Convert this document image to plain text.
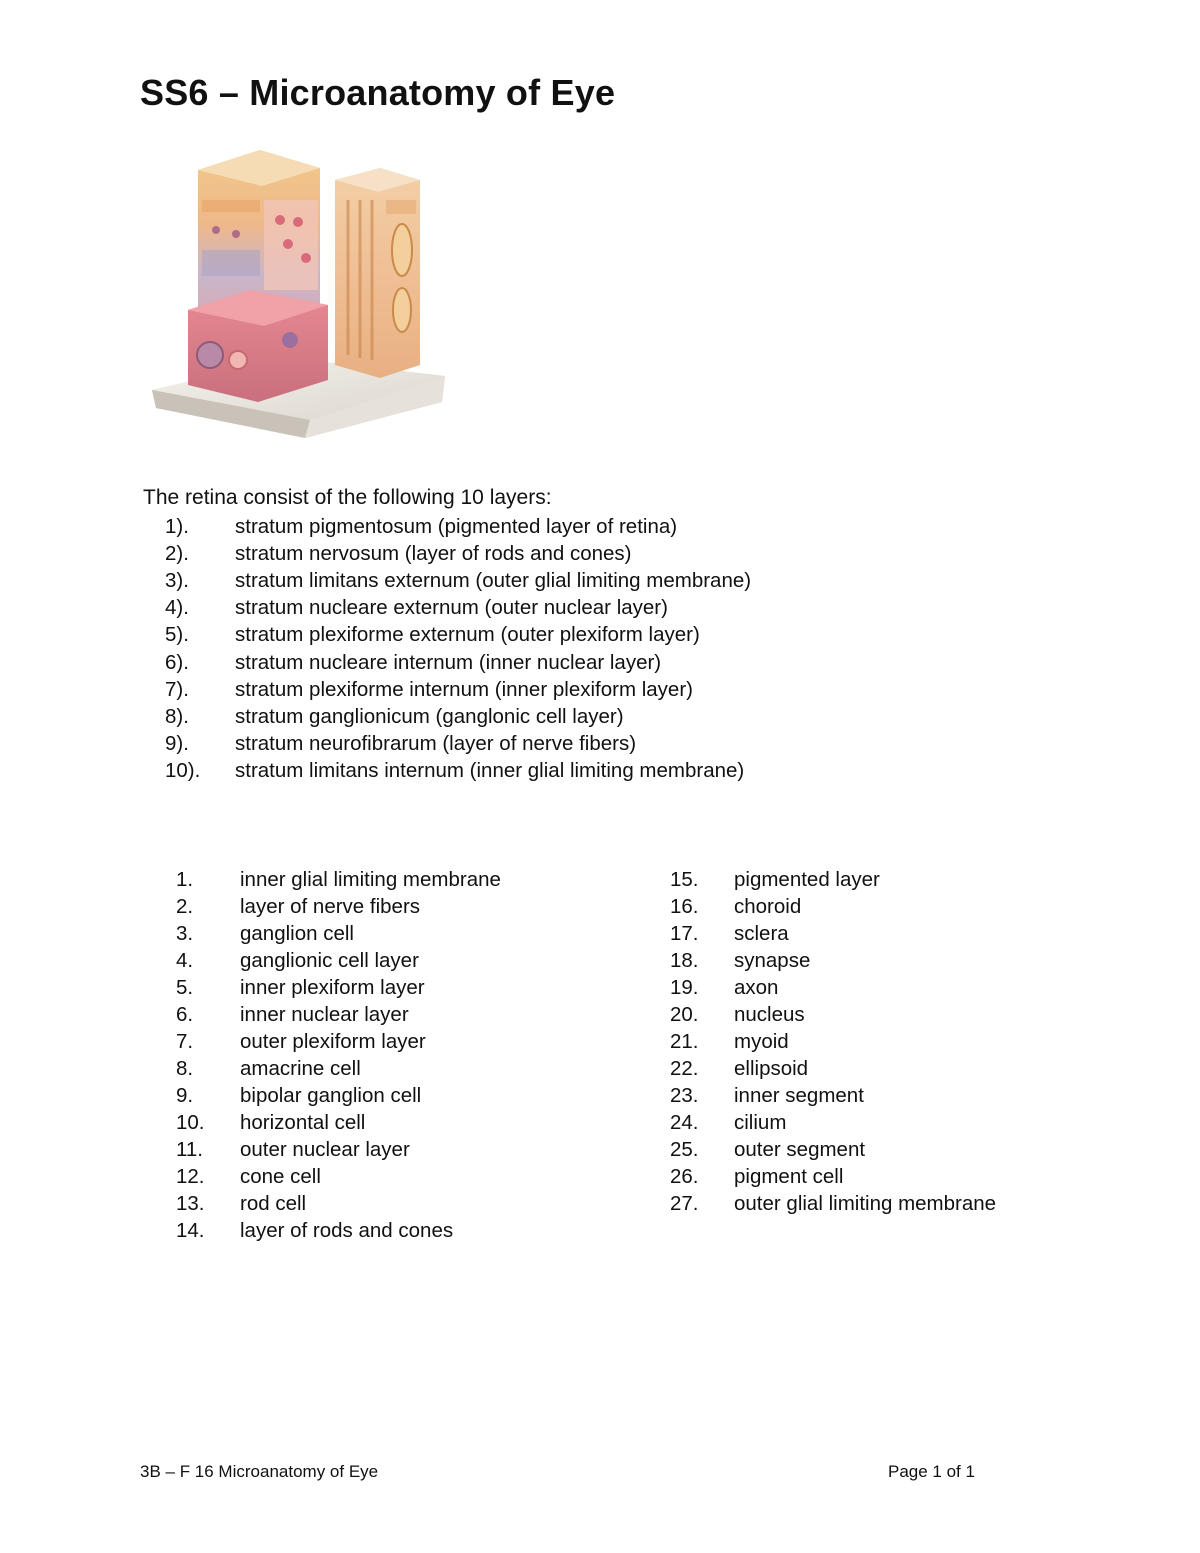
SS6 – Microanatomy of Eye
The retina consist of the following 10 layers:
1).	stratum pigmentosum (pigmented layer of retina)
2).	stratum nervosum (layer of rods and cones)
3).	stratum limitans externum (outer glial limiting membrane)
4).	stratum nucleare externum (outer nuclear layer)
5).	stratum plexiforme externum (outer plexiform layer)
6).	stratum nucleare internum (inner nuclear layer)
7).	stratum plexiforme internum (inner plexiform layer)
8).	stratum ganglionicum (ganglonic cell layer)
9).	stratum neurofibrarum (layer of nerve fibers)
10).	stratum limitans internum (inner glial limiting membrane)
1.	inner glial limiting membrane
2.	layer of nerve fibers
3.	ganglion cell
4.	ganglionic cell layer
5.	inner plexiform layer
6.	inner nuclear layer
7.	outer plexiform layer
8.	amacrine cell
9.	bipolar ganglion cell
10.	horizontal cell
11.	outer nuclear layer
12.	cone cell
13.	rod cell
14.	layer of rods and cones
15.	pigmented layer
16.	choroid
17.	sclera
18.	synapse
19.	axon
20.	nucleus
21.	myoid
22.	ellipsoid
23.	inner segment
24.	cilium
25.	outer segment
26.	pigment cell
27.	outer glial limiting membrane
3B – F 16 Microanatomy of Eye	Page 1 of 1
